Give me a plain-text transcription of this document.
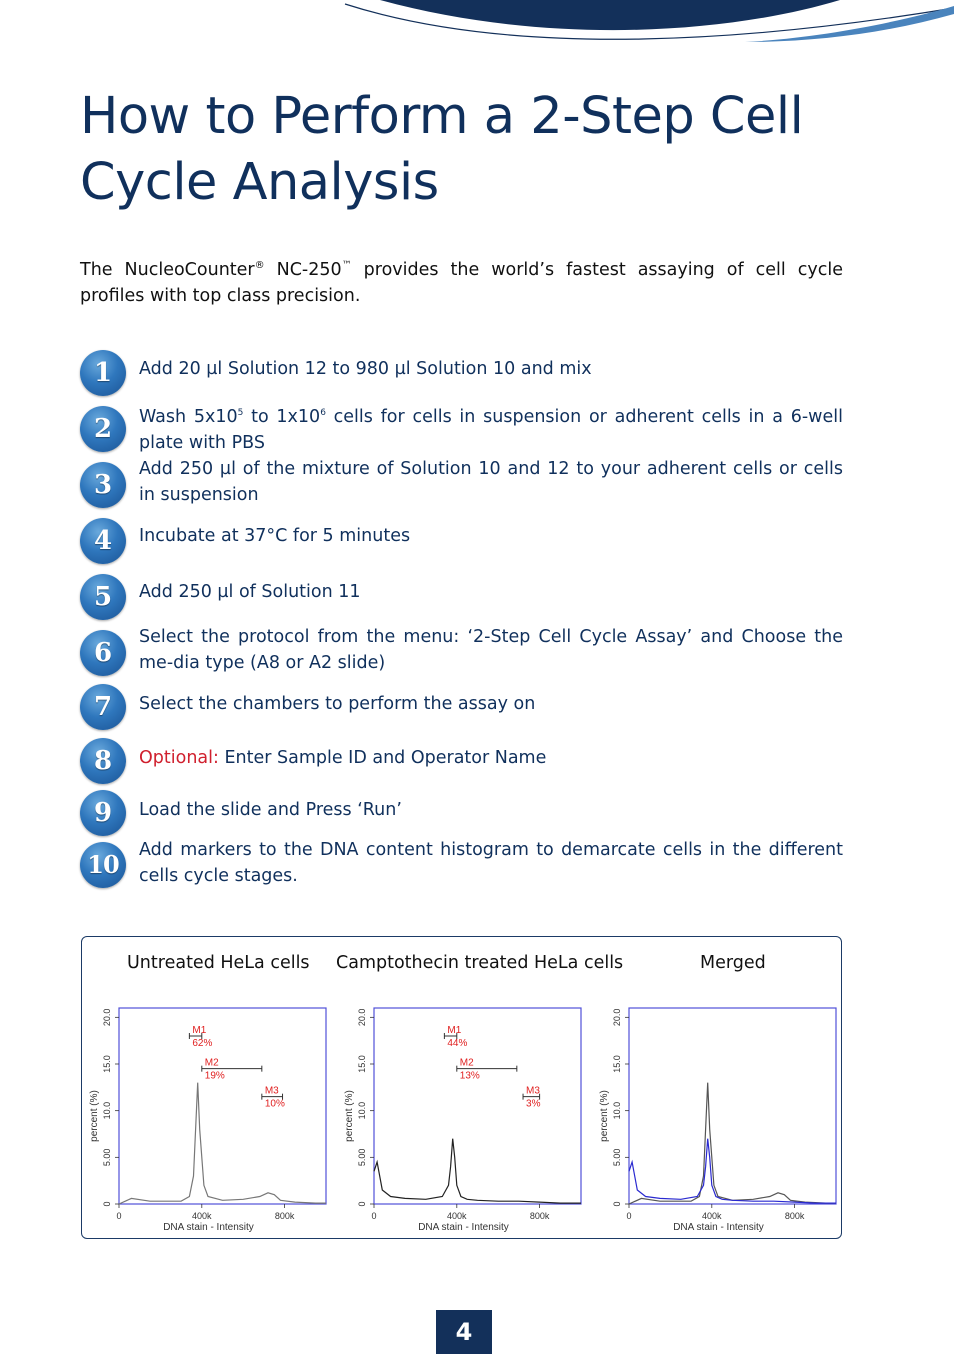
How to Perform a 2-Step Cell Cycle Analysis
The NucleoCounter® NC-250™ provides the world’s fastest assaying of cell cycle profiles with top class precision.
1	Add 20 µl Solution 12 to 980 µl Solution 10 and mix
2	Wash $5x10^5$ to $1x10^6$ cells for cells in suspension or adherent cells in a 6-well plate with PBS
3
Add 250 µl of the mixture of Solution 10 and 12 to your adherent cells or cells in suspension
4	Incubate at 37°C for 5 minutes
5	Add 250 µl of Solution 11
6
Select the protocol from the menu: ‘2-Step Cell Cycle Assay’ and Choose the me-dia type (A8 or A2 slide)
7	Select the chambers to perform the assay on
8	Optional: Enter Sample ID and Operator Name
9	Load the slide and Press ‘Run’
10	Add markers to the DNA content histogram to demarcate cells in the different cells cycle stages.
Untreated HeLa cells Camptothecin treated HeLa cells	Merged
0
5.00
10.0
15.0
20.0
0	400k	800k
DNA stain - Intensity
percent (%)
M1
62%
M2
19%
M3
10%
0
5.00
10.0
15.0
20.0
0	400k	800k
DNA stain - Intensity
percent (%)
M1
44%
M2
13%
M3
3%
0
5.00
10.0
15.0
20.0
0	400k	800k
DNA stain - Intensity
percent (%)
4
